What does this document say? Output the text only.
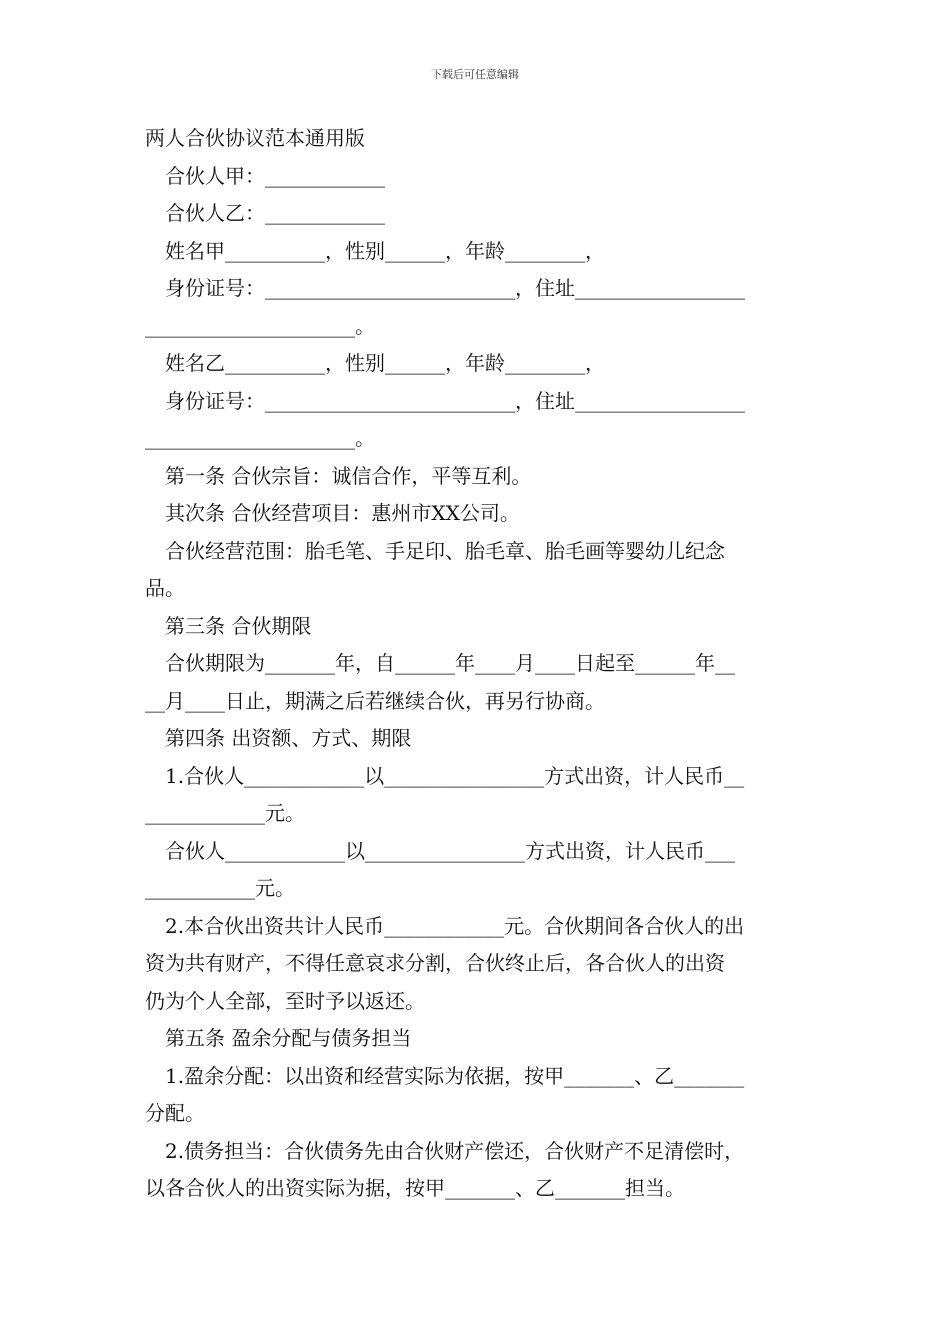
下载后可任意编辑

两人合伙协议范本通用版

合伙人甲：____________

合伙人乙：____________

姓名甲__________，性别______，年龄________，

身份证号：_________________________，住址_________________

_____________________。

姓名乙__________，性别______，年龄________，

身份证号：_________________________，住址_________________

_____________________。

第一条 合伙宗旨：诚信合作，平等互利。

其次条 合伙经营项目：惠州市XX公司。

合伙经营范围：胎毛笔、手足印、胎毛章、胎毛画等婴幼儿纪念

品。

第三条 合伙期限

合伙期限为_______年，自______年____月____日起至______年__

__月____日止，期满之后若继续合伙，再另行协商。

第四条 出资额、方式、期限

1.合伙人____________以________________方式出资，计人民币__

____________元。

合伙人____________以________________方式出资，计人民币___

___________元。

2.本合伙出资共计人民币____________元。合伙期间各合伙人的出

资为共有财产，不得任意哀求分割，合伙终止后，各合伙人的出资

仍为个人全部，至时予以返还。

第五条 盈余分配与债务担当

1.盈余分配：以出资和经营实际为依据，按甲_______、乙_______

分配。

2.债务担当：合伙债务先由合伙财产偿还，合伙财产不足清偿时，

以各合伙人的出资实际为据，按甲_______、乙_______担当。
